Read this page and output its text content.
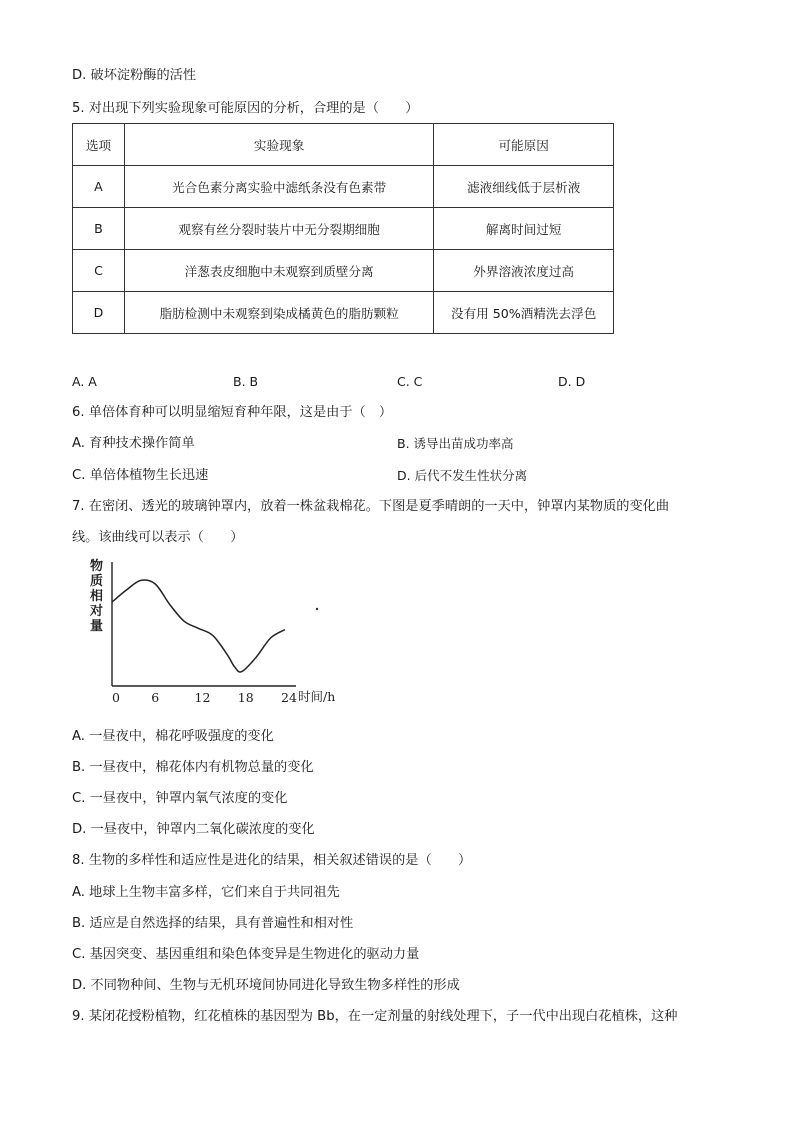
D. 破坏淀粉酶的活性
5. 对出现下列实验现象可能原因的分析，合理的是（　　）
选项	实验现象	可能原因
A	光合色素分离实验中滤纸条没有色素带	滤液细线低于层析液
B	观察有丝分裂时装片中无分裂期细胞	解离时间过短
C	洋葱表皮细胞中未观察到质壁分离	外界溶液浓度过高
D	脂肪检测中未观察到染成橘黄色的脂肪颗粒	没有用 50%酒精洗去浮色
A. A	B. B	C. C	D. D
6. 单倍体育种可以明显缩短育种年限，这是由于（　）
A. 育种技术操作简单	B. 诱导出苗成功率高
C. 单倍体植物生长迅速	D. 后代不发生性状分离
7. 在密闭、透光的玻璃钟罩内，放着一株盆栽棉花。下图是夏季晴朗的一天中，钟罩内某物质的变化曲
线。该曲线可以表示（　　）
物
质
相
对
量
0	6	12 18 24 时间/h
A. 一昼夜中，棉花呼吸强度的变化
B. 一昼夜中，棉花体内有机物总量的变化
C. 一昼夜中，钟罩内氧气浓度的变化
D. 一昼夜中，钟罩内二氧化碳浓度的变化
8. 生物的多样性和适应性是进化的结果，相关叙述错误的是（　　）
A. 地球上生物丰富多样，它们来自于共同祖先
B. 适应是自然选择的结果，具有普遍性和相对性
C. 基因突变、基因重组和染色体变异是生物进化的驱动力量
D. 不同物种间、生物与无机环境间协同进化导致生物多样性的形成
9. 某闭花授粉植物，红花植株的基因型为 Bb，在一定剂量的射线处理下，子一代中出现白花植株，这种
